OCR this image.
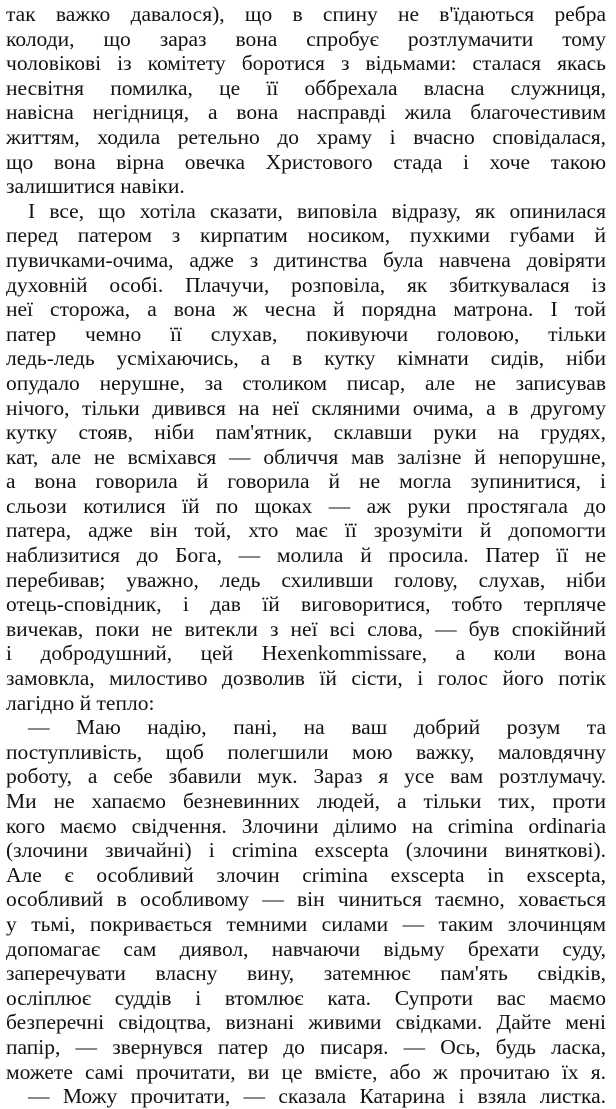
так важко давалося), що в спину не в'їдаються ребра
колоди, що зараз вона спробує розтлумачити тому
чоловікові із комітету боротися з відьмами: сталася якась
несвітня помилка, це її оббрехала власна служниця,
навісна негідниця, а вона насправді жила благочестивим
життям, ходила ретельно до храму і вчасно сповідалася,
що вона вірна овечка Христового стада і хоче такою
залишитися навіки.
І все, що хотіла сказати, виповіла відразу, як опинилася
перед патером з кирпатим носиком, пухкими губами й
пувичками-очима, адже з дитинства була навчена довіряти
духовній особі. Плачучи, розповіла, як збиткувалася із
неї сторожа, а вона ж чесна й порядна матрона. І той
патер чемно її слухав, покивуючи головою, тільки
ледь-ледь усміхаючись, а в кутку кімнати сидів, ніби
опудало нерушне, за столиком писар, але не записував
нічого, тільки дивився на неї скляними очима, а в другому
кутку стояв, ніби пам'ятник, склавши руки на грудях,
кат, але не всміхався — обличчя мав залізне й непорушне,
а вона говорила й говорила й не могла зупинитися, і
сльози котилися їй по щоках — аж руки простягала до
патера, адже він той, хто має її зрозуміти й допомогти
наблизитися до Бога, — молила й просила. Патер її не
перебивав; уважно, ледь схиливши голову, слухав, ніби
отець-сповідник, і дав їй виговоритися, тобто терпляче
вичекав, поки не витекли з неї всі слова, — був спокійний
і добродушний, цей Hexenkommissare, а коли вона
замовкла, милостиво дозволив їй сісти, і голос його потік
лагідно й тепло:
— Маю надію, пані, на ваш добрий розум та
поступливість, щоб полегшили мою важку, маловдячну
роботу, а себе збавили мук. Зараз я усе вам розтлумачу.
Ми не хапаємо безневинних людей, а тільки тих, проти
кого маємо свідчення. Злочини ділимо на crimina ordinaria
(злочини звичайні) і crimina exscepta (злочини виняткові).
Але є особливий злочин crimina exscepta in exscepta,
особливий в особливому — він чиниться таємно, ховається
у тьмі, покривається темними силами — таким злочинцям
допомагає сам диявол, навчаючи відьму брехати суду,
заперечувати власну вину, затемнює пам'ять свідків,
осліплює суддів і втомлює ката. Супроти вас маємо
безперечні свідоцтва, визнані живими свідками. Дайте мені
папір, — звернувся патер до писаря. — Ось, будь ласка,
можете самі прочитати, ви це вмієте, або ж прочитаю їх я.
— Можу прочитати, — сказала Катарина і взяла листка.
